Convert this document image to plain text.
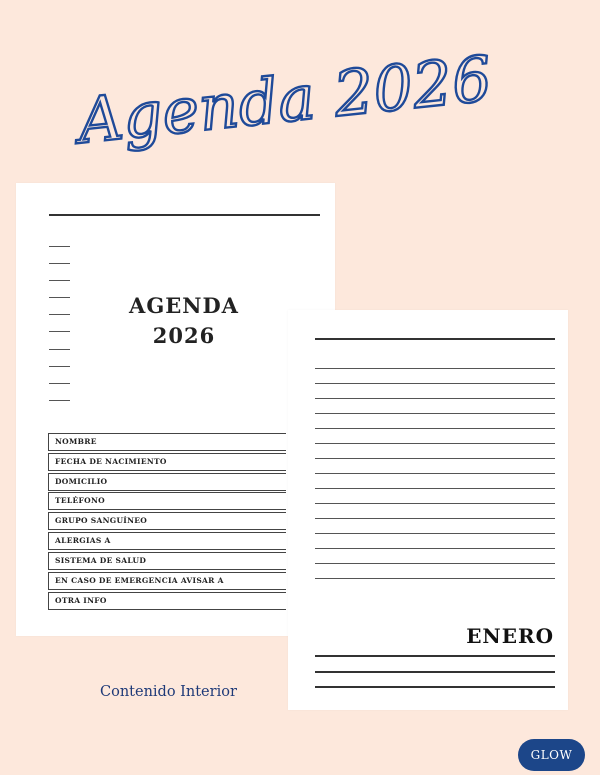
Agenda 2026
AGENDA
2026
NOMBRE
FECHA DE NACIMIENTO
DOMICILIO
TELÉFONO
GRUPO SANGUÍNEO
ALERGIAS A
SISTEMA DE SALUD
EN CASO DE EMERGENCIA AVISAR A
OTRA INFO
ENERO
Contenido Interior
GLOW
